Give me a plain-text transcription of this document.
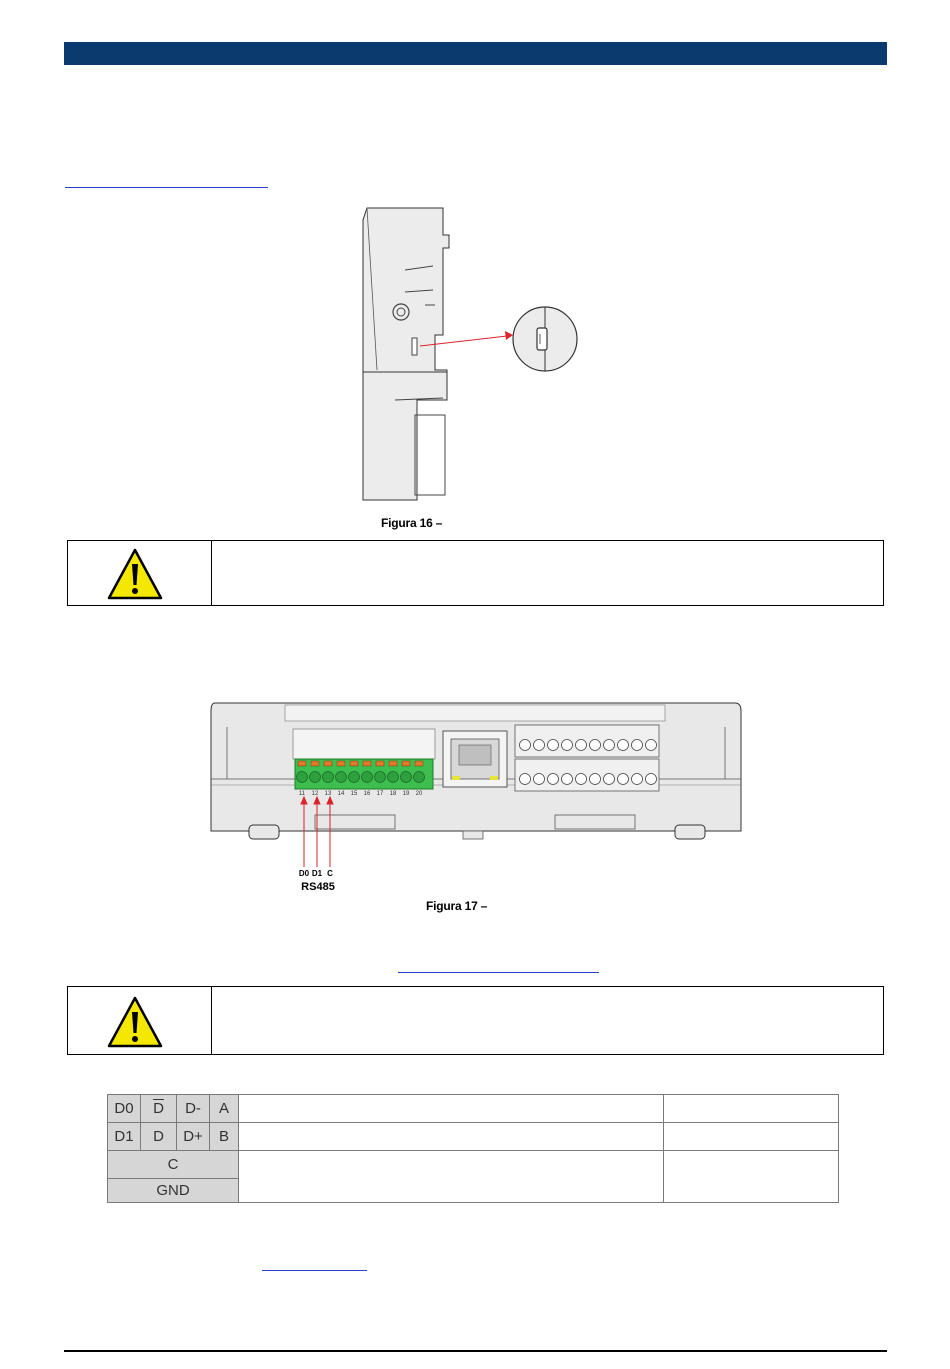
Figura 16 –
11 12 13 14 15 16 17 18 19 20
D0 D1 C
RS485
Figura 17 –
D0	$\overline{D}$	D-	A		
D1	D	D+	B		
C					
GND					
